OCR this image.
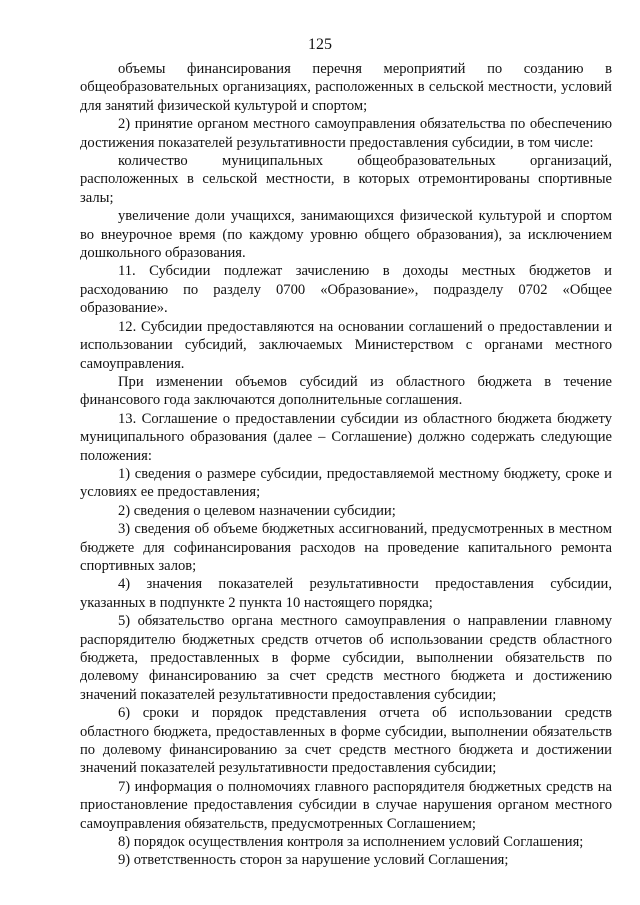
125

объемы финансирования перечня мероприятий по созданию в общеобразовательных организациях, расположенных в сельской местности, условий для занятий физической культурой и спортом;

2) принятие органом местного самоуправления обязательства по обеспечению достижения показателей результативности предоставления субсидии, в том числе:

количество муниципальных общеобразовательных организаций, расположенных в сельской местности, в которых отремонтированы спортивные залы;

увеличение доли учащихся, занимающихся физической культурой и спортом во внеурочное время (по каждому уровню общего образования), за исключением дошкольного образования.

11. Субсидии подлежат зачислению в доходы местных бюджетов и расходованию по разделу 0700 «Образование», подразделу 0702 «Общее образование».

12. Субсидии предоставляются на основании соглашений о предоставлении и использовании субсидий, заключаемых Министерством с органами местного самоуправления.

При изменении объемов субсидий из областного бюджета в течение финансового года заключаются дополнительные соглашения.

13. Соглашение о предоставлении субсидии из областного бюджета бюджету муниципального образования (далее – Соглашение) должно содержать следующие положения:

1) сведения о размере субсидии, предоставляемой местному бюджету, сроке и условиях ее предоставления;

2) сведения о целевом назначении субсидии;

3) сведения об объеме бюджетных ассигнований, предусмотренных в местном бюджете для софинансирования расходов на проведение капитального ремонта спортивных залов;

4) значения показателей результативности предоставления субсидии, указанных в подпункте 2 пункта 10 настоящего порядка;

5) обязательство органа местного самоуправления о направлении главному распорядителю бюджетных средств отчетов об использовании средств областного бюджета, предоставленных в форме субсидии, выполнении обязательств по долевому финансированию за счет средств местного бюджета и достижению значений показателей результативности предоставления субсидии;

6) сроки и порядок представления отчета об использовании средств областного бюджета, предоставленных в форме субсидии, выполнении обязательств по долевому финансированию за счет средств местного бюджета и достижении значений показателей результативности предоставления субсидии;

7) информация о полномочиях главного распорядителя бюджетных средств на приостановление предоставления субсидии в случае нарушения органом местного самоуправления обязательств, предусмотренных Соглашением;

8) порядок осуществления контроля за исполнением условий Соглашения;

9) ответственность сторон за нарушение условий Соглашения;
